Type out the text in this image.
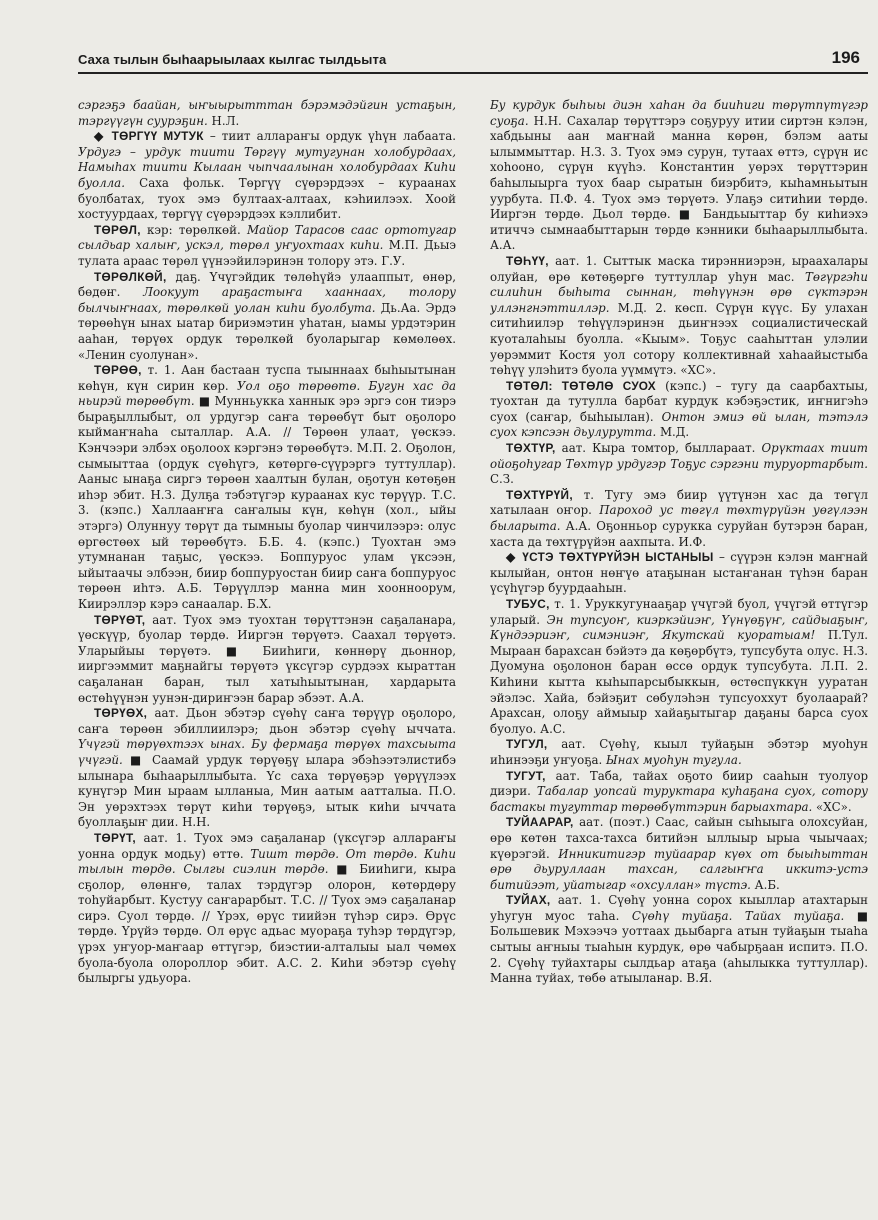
Саха тылын быһаарыылаах кылгас тылдьыта	196

сэргэҕэ баайан, ыҥыырытттан бэрэмэдэйгин устаҕын, тэргүүгүн суурэҕин. Н.Л.

◆ ТӨРГҮҮ МУТУК – тиит аллараҥы ордук үһүн лабаата. Урдугэ – урдук тиити Төргүү мутугунан холобурдааx, Намыһах тиити Кылаан чыпчаалынан холобурдаах Киһи буолла. Саха фольк. Төргүү сүөрэрдээх – кураанах буолбатах, туох эмэ бултаах-алтаах, кэһиилээх. Хоой хостуурдаах, төргүү сүөрэрдээх кэллибит.

ТӨРӨЛ, кэр: төрөлкөй. Майор Тарасов саас ортотугар сылдьар халыҥ, ускэл, төрөл уҥуохтаах киһи. М.П. Дьыэ тулата араас төрөл үүнээйилэринэн толору этэ. Г.У.

ТӨРӨЛКӨЙ, даҕ. Үчүгэйдик төлөһүйэ улааппыт, өнөр, бөдөҥ. Лоокуут араҕастыҥа хааннаах, толору былчыҥнаах, төрөлкөй уолан киһи буолбута. Дь.Аа. Эрдэ төрөөһүн ынах ыатар бириэмэтин уһатан, ыамы урдэтэрин ааһан, төрүөх ордук төрөлкөй буоларыгар көмөлөөх. «Ленин суолунан».

ТӨРӨӨ, т. 1. Аан бастаан туспа тыыннаах быһыытынан көһүн, күн сирин көр. Уол оҕо төрөөтө. Бугун хас да ньирэй төрөөбүт. ■ Мунньукка ханнык эрэ эргэ сон тиэрэ быраҕыллыбыт, ол урдугэр саҥа төрөөбүт быт оҕолоро кыймаҥнаһа сыталлар. А.А. // Төрөөн улаат, үөскээ. Кэнчээри элбэх оҕолоох кэргэнэ төрөөбүтэ. М.П. 2. Оҕолон, сымыыттаа (ордук сүөһүгэ, көтөргө-сүүрэргэ туттуллар). Ааныс ынаҕа сиргэ төрөөн хаалтын булан, оҕотун көтөҕөн иһэр эбит. Н.З. Дулҕа тэбэтүгэр кураанах кус төрүүр. Т.С. 3. (кэпс.) Халлааҥҥа саҥалыы күн, көһүн (хол., ыйы этэргэ) Олуннуу төрүт да тымныы буолар чинчилээрэ: олус өргөстөөх ый төрөөбүтэ. Б.Б. 4. (кэпс.) Туохтан эмэ утумнанан таҕыс, үөскээ. Боппуруос улам үксээн, ыйытаачы элбээн, биир боппуруостан биир саҥа боппуруос төрөөн иһтэ. А.Б. Төрүүллэр манна мин хоонноорум, Киирэллэр кэрэ санаалар. Б.Х.

ТӨРҮӨТ, аат. Туох эмэ туохтан төрүттэнэн саҕаланара, үөскүүр, буолар төрдө. Ииргэн төрүөтэ. Саахал төрүөтэ. Уларыйыы төрүөтэ. ■ Бииһиги, көннөрү дьоннор, ииргээммит маҕнайгы төрүөтэ үксүгэр сурдээх кыраттан саҕаланан баран, тыл хатыһыытынан, хардарыта өстөһүүнэн уунэн-дириҥээн барар эбээт. А.А.

ТӨРҮӨХ, аат. Дьон эбэтэр сүөһү саҥа төрүүр оҕолоро, саҥа төрөөн эбиллиилэрэ; дьон эбэтэр сүөһү ыччата. Үчүгэй төрүөхтээх ынах. Бу фермаҕа төрүөх тахсыыта үчүгэй. ■ Саамай урдук төрүөҕү ылара эбэһээтэлистибэ ылынара быһаарыллыбыта. Үс саха төрүөҕэр үөрүүлээх кунүгэр Мин ыраам ылланыа, Мин аатым аатталыа. П.О. Эн уөрэхтээх төрүт киһи төрүөҕэ, ытык киһи ыччата буоллаҕыҥ дии. Н.Н.

ТӨРҮТ, аат. 1. Туох эмэ саҕаланар (үксүгэр аллараҥы уонна ордук модьу) өттө. Тишт төрдө. От төрдө. Киһи тылын төрдө. Сылгы сиэлин төрдө. ■ Бииһиги, кыра сҕолор, өлөнҥө, талах тэрдүгэр олорон, көтөрдөру тоһуйарбыт. Кустуу саҥарарбыт. Т.С. // Туох эмэ саҕаланар сирэ. Суол төрдө. // Үрэх, өрүс тиийэн түһэр сирэ. Өрүс төрдө. Үрүйэ төрдө. Ол өрүс адьас муораҕа туһэр төрдүгэр, үрэх уҥуор-маҥаар өттүгэр, биэстии-алталыы ыал чөмөх буола-буола олороллор эбит. А.С. 2. Киһи эбэтэр сүөһү былыргы удьуора.

Бу курдук быһыы диэн хаһан да бииһиги төрүтпүтүгэр суоҕа. Н.Н. Сахалар төрүттэрэ соҕуруу итии сиртэн кэлэн, хабдьыны аан маҥнай манна көрөн, бэлэм ааты ылыммыттар. Н.З. 3. Туох эмэ сурун, тутаах өттэ, сүрүн ис хоһооно, сүрүн күүһэ. Константин уөрэх төрүттэрин баһылыырга туох баар сыратын биэрбитэ, кыһамньытын уурбута. П.Ф. 4. Туох эмэ төрүөтэ. Улаҕэ ситиһии төрдө. Ииргэн төрдө. Дьол төрдө. ■ Бандьыыттар бу киһиэхэ итиччэ сымнаабыттарын төрдө кэнники быһаарыллыбыта. А.А.

ТӨҺҮҮ, аат. 1. Сыттык маска тирэнниэрэн, ыраахалары олуйан, өрө көтөҕөргө туттуллар уһун мас. Төгүргэһи силиһин быһыта сыннан, төһүүнэн өрө сүктэрэн уллэнгнэттиллэр. М.Д. 2. көсп. Сүрүн күүс. Бу улахан ситиһиилэр төһүүлэринэн дьиҥнээх социалистическай куоталаһыы буолла. «Кыым». Тоҕус сааһыттан улэлии уөрэммит Костя уол сотору коллективнай хаһаайыстыба төһүү улэһитэ буола уүммүтэ. «ХС».

ТӨТӨЛ: ТӨТӨЛӨ СУОХ (кэпс.) – тугу да саарбахтыы, туохтан да тутулла барбат курдук кэбэҕэстик, иҥнигэһэ суох (саҥар, быһыылан). Онтон эмиэ өй ылан, тэтэлэ суох кэпсээн дьулурутта. М.Д.

ТӨХТҮР, аат. Кыра томтор, быллараат. Орүктаах тиит ойоҕоһугар Төхтүр урдугэр Тоҕус сэргэни туруортарбыт. С.З.

ТӨХТҮРҮЙ, т. Тугу эмэ биир үүтүнэн хас да төгүл хатылаан оҥор. Пароход ус төгүл төхтүрүйэн уөгүлээн быларыта. А.А. Оҕонньор сурукка суруйан бутэрэн баран, хаста да төхтүрүйэн аахпыта. И.Ф.

◆ ҮСТЭ ТӨХТҮРҮЙЭН ЫСТАНЫЫ – сүүрэн кэлэн маҥнай кылыйан, онтон нөҥүө атаҕынан ыстаҥанан түһэн баран үсүһүгэр буурдааһын.

ТУБУС, т. 1. Уруккугунааҕар үчүгэй буол, үчүгэй өттүгэр уларый. Эн тупсуоҥ, киэркэйиэҥ, Үүнүөҕүҥ, сайдыаҕыҥ, Күндээриэҥ, симэниэҥ, Якутскай куоратыам! П.Тул. Мыраан барахсан бэйэтэ да көҕөрбүтэ, тупсубута олус. Н.З. Дуомуна оҕолонон баран өссө ордук тупсубута. Л.П. 2. Киһини кытта кыһыпарсыбыккын, өстөспүккүн ууратан эйэлэс. Хайа, бэйэҕит сөбулэһэн тупсуоххут буолаарай? Арахсан, олоҕу аймыыр хайаҕытыгар даҕаны барса суох буолуо. А.С.

ТУГУЛ, аат. Сүөһү, кыыл туйаҕын эбэтэр муоһун иһинээҕи уҥуоҕа. Ынах муоһун тугула.

ТУГУТ, аат. Таба, тайах оҕото биир сааһын туолуор диэри. Табалар уопсай туруктара куһаҕана суох, сотору бастакы тугуттар төрөөбүттэрин барыахтара. «ХС».

ТУЙААРАР, аат. (поэт.) Саас, сайын сыһыыга олохсуйан, өрө көтөн тахса-тахса битийэн ыллыыр ырыа чыычаах; күөрэгэй. Инникитигэр туйаарар күөх от быыһыттан өрө дьуруллаан тахсан, салгыҥҥа иккитэ-устэ битийээт, уйатыгар «охсуллан» түстэ. А.Б.

ТУЙАХ, аат. 1. Сүөһү уонна сорох кыыллар атахтарын уһугун муос таһа. Сүөһү туйаҕа. Тайах туйаҕа. ■ Большевик Мэхээчэ уоттаах дьыбарга атын туйаҕын тыаһа сытыы аҥныы тыаһын курдук, өрө чабырҕаан испитэ. П.О. 2. Сүөһү туйахтары сылдьар атаҕа (аһылыкка туттуллар). Манна туйах, төбө атыыланар. В.Я.
